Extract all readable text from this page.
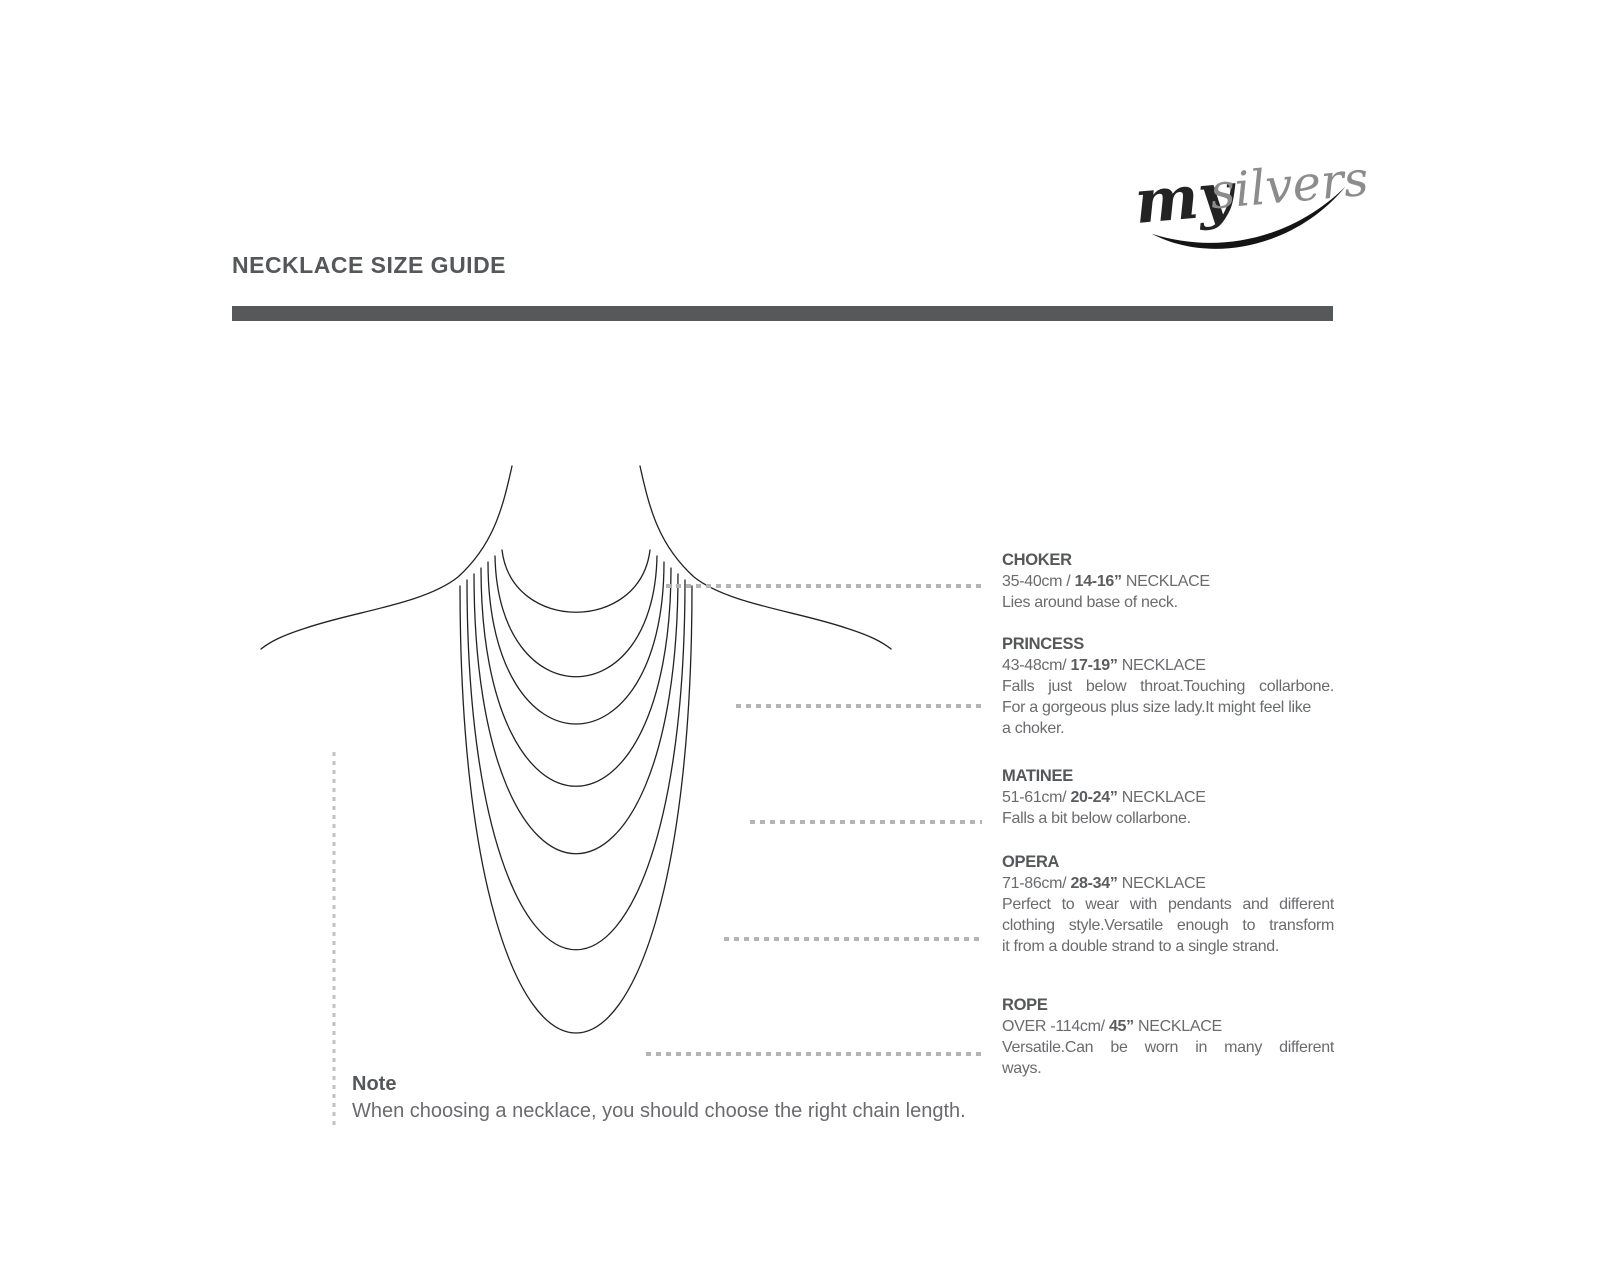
NECKLACE SIZE GUIDE
my
silvers
CHOKER
35-40cm / 14-16” NECKLACE
Lies around base of neck.
PRINCESS
43-48cm/ 17-19” NECKLACE
Falls just below throat.Touching collarbone.
For a gorgeous plus size lady.It might feel like
a choker.
MATINEE
51-61cm/ 20-24” NECKLACE
Falls a bit below collarbone.
OPERA
71-86cm/ 28-34” NECKLACE
Perfect to wear with pendants and different
clothing style.Versatile enough to transform
it from a double strand to a single strand.
ROPE
OVER -114cm/ 45” NECKLACE
Versatile.Can be worn in many different
ways.
Note
When choosing a necklace, you should choose the right chain length.
